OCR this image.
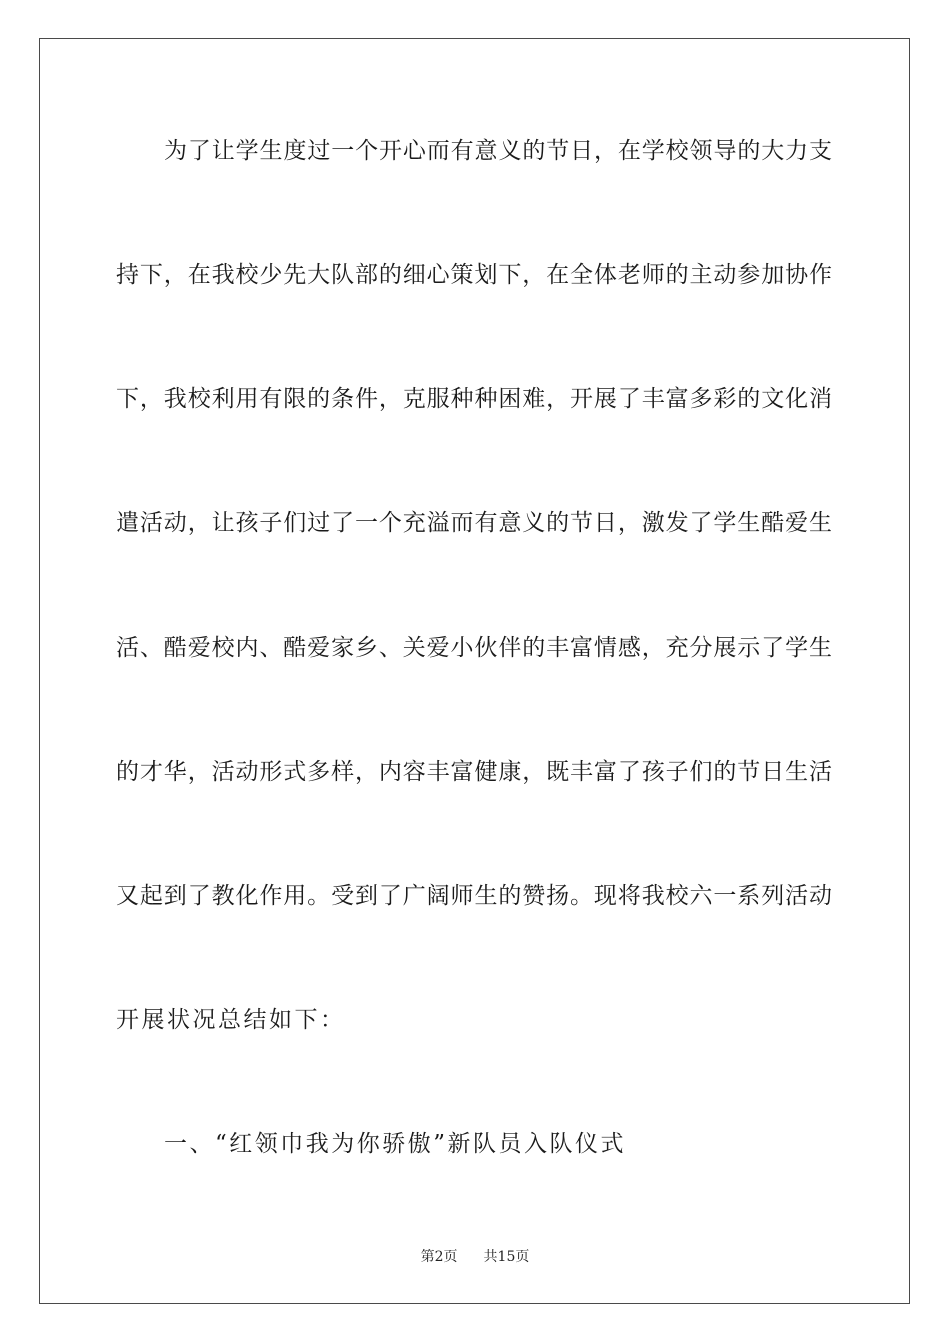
为了让学生度过一个开心而有意义的节日，在学校领导的大力支
持下，在我校少先大队部的细心策划下，在全体老师的主动参加协作
下，我校利用有限的条件，克服种种困难，开展了丰富多彩的文化消
遣活动，让孩子们过了一个充溢而有意义的节日，激发了学生酷爱生
活、酷爱校内、酷爱家乡、关爱小伙伴的丰富情感，充分展示了学生
的才华，活动形式多样，内容丰富健康，既丰富了孩子们的节日生活
又起到了教化作用。受到了广阔师生的赞扬。现将我校六一系列活动
开展状况总结如下：
一、“红领巾我为你骄傲”新队员入队仪式
第2页 共15页
